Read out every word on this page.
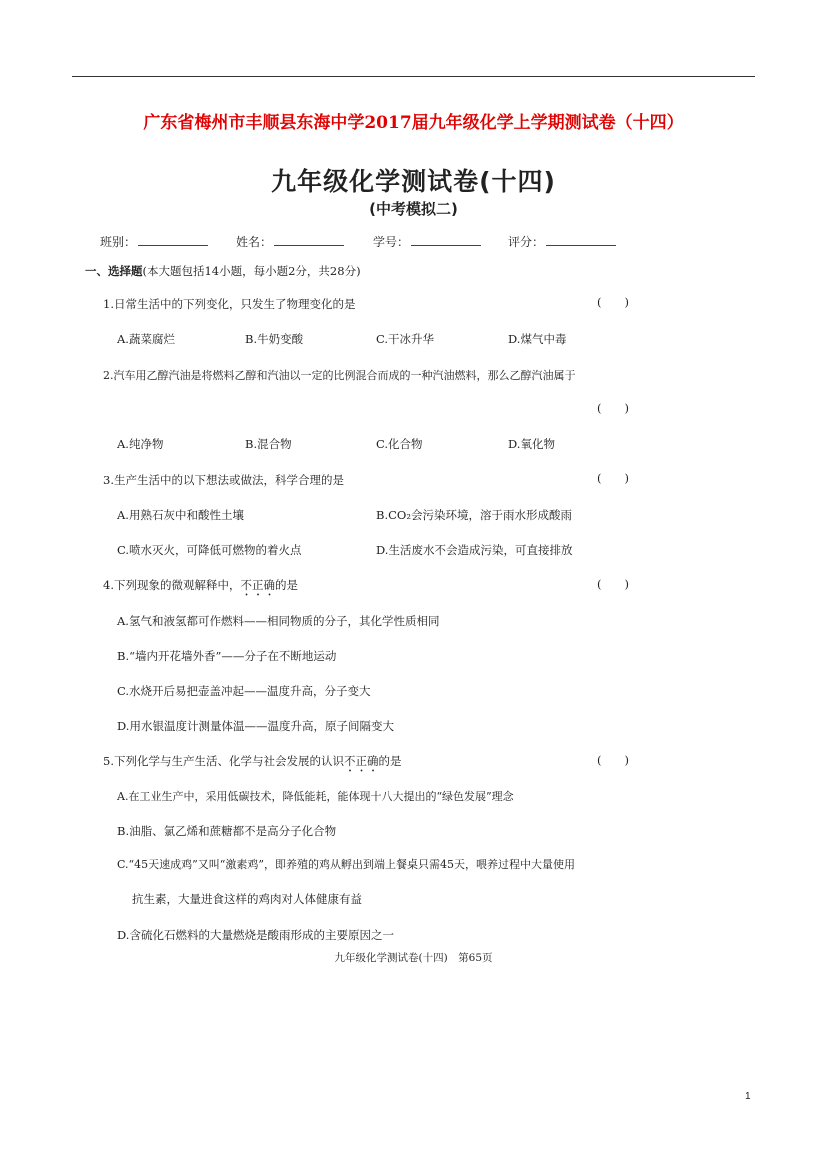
广东省梅州市丰顺县东海中学2017届九年级化学上学期测试卷（十四）
九年级化学测试卷(十四)
(中考模拟二)
班别：	姓名：	学号：	评分：
一、选择题(本大题包括14小题，每小题2分，共28分)
1.日常生活中的下列变化，只发生了物理变化的是	(　　)
A.蔬菜腐烂	B.牛奶变酸	C.干冰升华	D.煤气中毒
2.汽车用乙醇汽油是将燃料乙醇和汽油以一定的比例混合而成的一种汽油燃料，那么乙醇汽油属于
(　　)
A.纯净物	B.混合物	C.化合物	D.氧化物
3.生产生活中的以下想法或做法，科学合理的是	(　　)
A.用熟石灰中和酸性土壤	B.CO₂会污染环境，溶于雨水形成酸雨
C.喷水灭火，可降低可燃物的着火点	D.生活废水不会造成污染，可直接排放
4.下列现象的微观解释中，不正确的是	(　　)
A.氢气和液氢都可作燃料——相同物质的分子，其化学性质相同
B.“墙内开花墙外香”——分子在不断地运动
C.水烧开后易把壶盖冲起——温度升高，分子变大
D.用水银温度计测量体温——温度升高，原子间隔变大
5.下列化学与生产生活、化学与社会发展的认识不正确的是	(　　)
A.在工业生产中，采用低碳技术，降低能耗，能体现十八大提出的“绿色发展”理念
B.油脂、氯乙烯和蔗糖都不是高分子化合物
C.“45天速成鸡”又叫“激素鸡”，即养殖的鸡从孵出到端上餐桌只需45天，喂养过程中大量使用
抗生素，大量进食这样的鸡肉对人体健康有益
D.含硫化石燃料的大量燃烧是酸雨形成的主要原因之一
九年级化学测试卷(十四)　第65页
1
